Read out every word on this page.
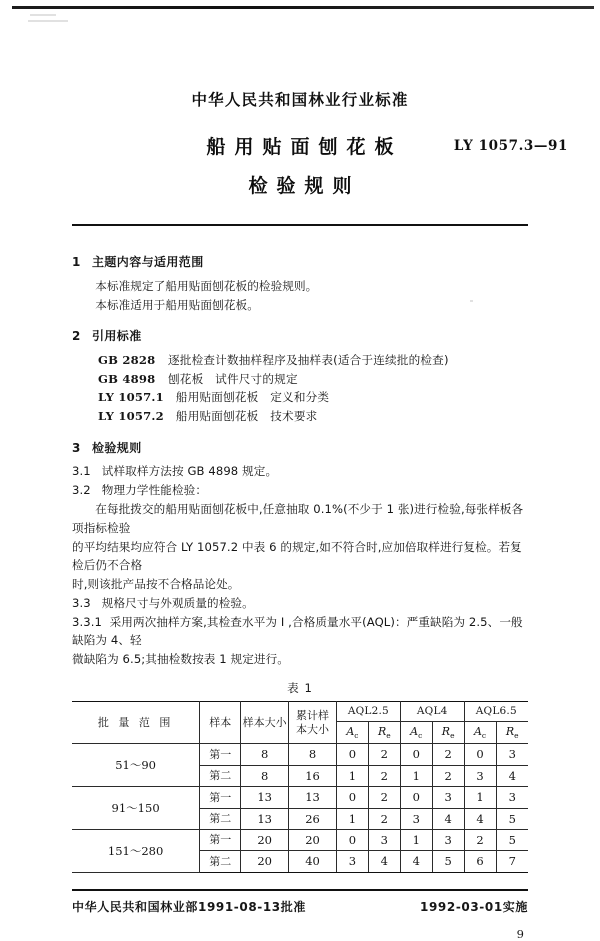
中华人民共和国林业行业标准
船用贴面刨花板
检验规则
LY 1057.3—91
1 主题内容与适用范围
本标准规定了船用贴面刨花板的检验规则。
本标准适用于船用贴面刨花板。
2 引用标准
GB 2828 逐批检查计数抽样程序及抽样表(适合于连续批的检查)
GB 4898 刨花板　试件尺寸的规定
LY 1057.1 船用贴面刨花板　定义和分类
LY 1057.2 船用贴面刨花板　技术要求
3 检验规则
3.1 试样取样方法按 GB 4898 规定。
3.2 物理力学性能检验：
在每批拨交的船用贴面刨花板中,任意抽取 0.1%(不少于 1 张)进行检验,每张样板各项指标检验
的平均结果均应符合 LY 1057.2 中表 6 的规定,如不符合时,应加倍取样进行复检。若复检后仍不合格
时,则该批产品按不合格品论处。
3.3 规格尺寸与外观质量的检验。
3.3.1 采用两次抽样方案,其检查水平为 Ⅰ ,合格质量水平(AQL)：严重缺陷为 2.5、一般缺陷为 4、轻
微缺陷为 6.5;其抽检数按表 1 规定进行。
表 1
批 量 范 围	样本	样本大小	累计样
本大小	AQL2.5		AQL4		AQL6.5	
				$A_c$	$R_e$	$A_c$	$R_e$	$A_c$	$R_e$
51～90	第一	8	8	0	2	0	2	0	3
	第二	8	16	1	2	1	2	3	4
91～150	第一	13	13	0	2	0	3	1	3
	第二	13	26	1	2	3	4	4	5
151～280	第一	20	20	0	3	1	3	2	5
	第二	20	40	3	4	4	5	6	7
中华人民共和国林业部1991-08-13批准	1992-03-01实施
9
